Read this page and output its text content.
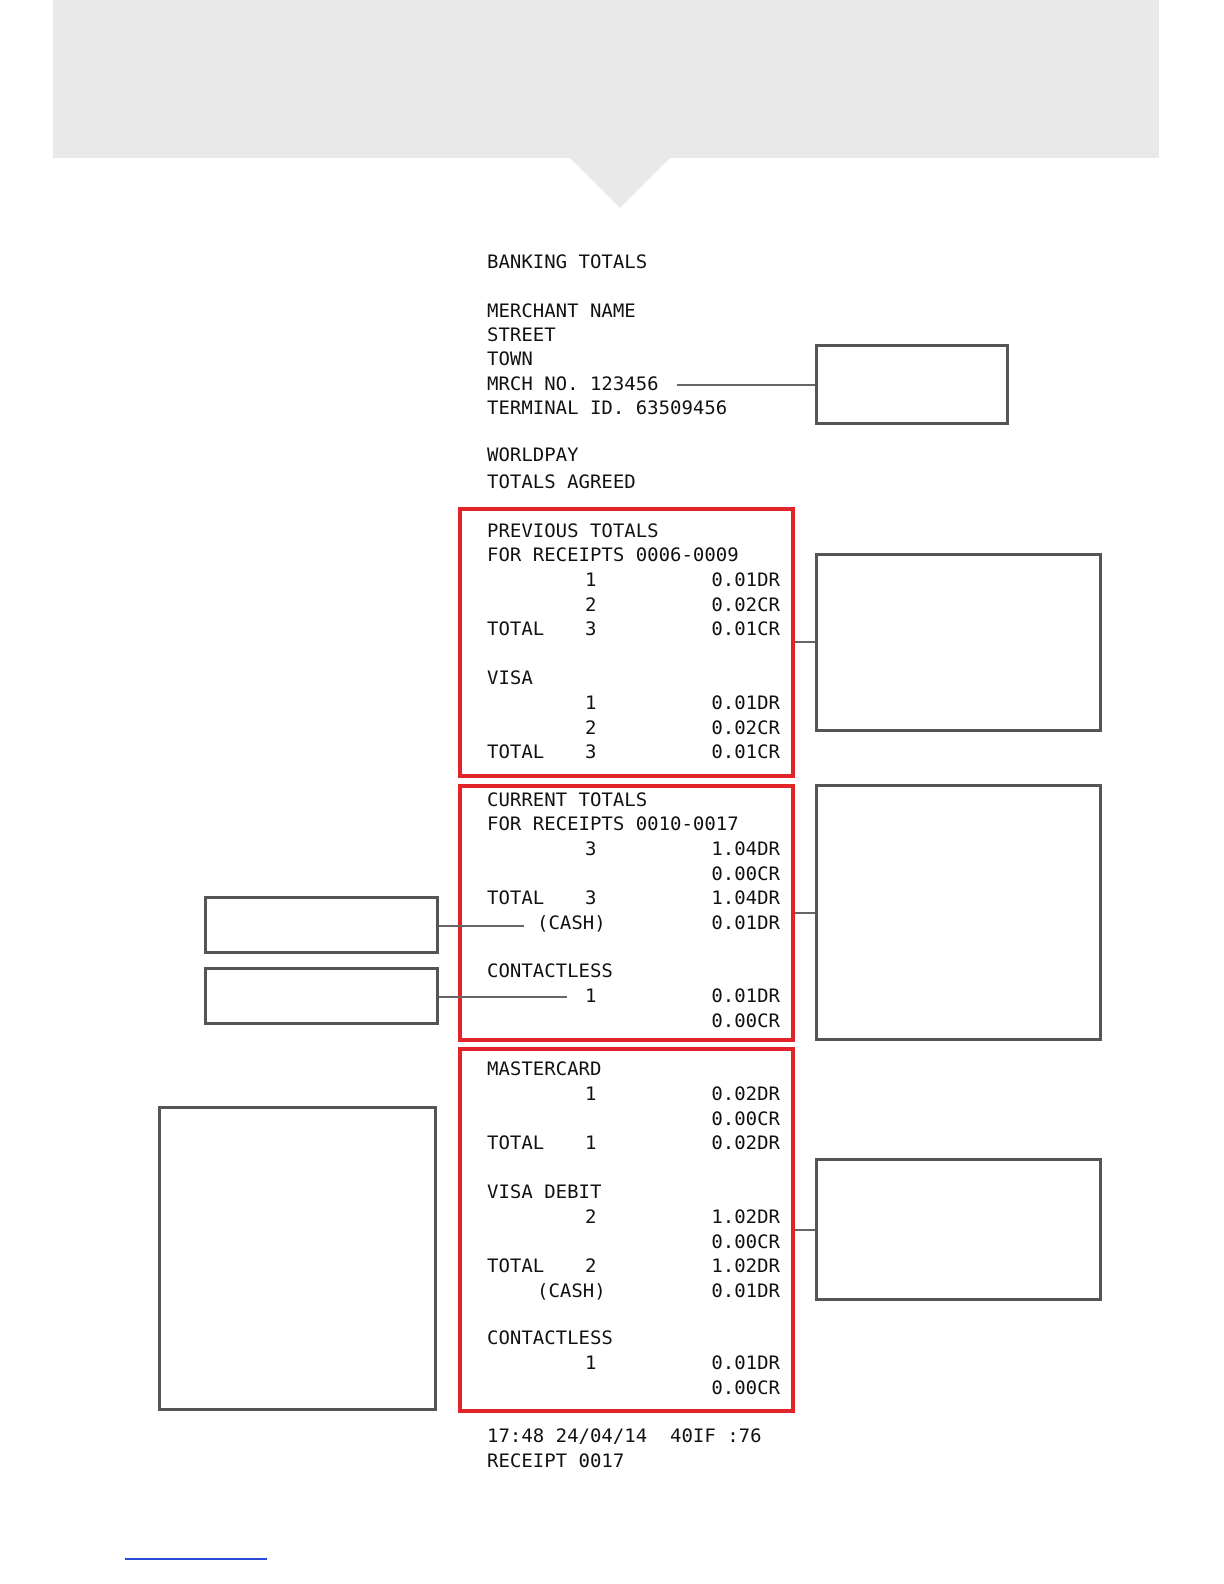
BANKING TOTALS

MERCHANT NAME

STREET

TOWN

MRCH NO. 123456

TERMINAL ID. 63509456

WORLDPAY

TOTALS AGREED

PREVIOUS TOTALS

FOR RECEIPTS 0006-0009

1	0.01DR
2	0.02CR
TOTAL 3	0.01CR

VISA

1	0.01DR
2	0.02CR
TOTAL 3	0.01CR

CURRENT TOTALS

FOR RECEIPTS 0010-0017

3	1.04DR
0.00CR
TOTAL 3	1.04DR
(CASH)	0.01DR

CONTACTLESS

1	0.01DR
0.00CR

MASTERCARD

1	0.02DR
0.00CR
TOTAL 1	0.02DR

VISA DEBIT

2	1.02DR
0.00CR
TOTAL 2	1.02DR
(CASH)	0.01DR

CONTACTLESS

1	0.01DR
0.00CR

17:48 24/04/14  40IF :76

RECEIPT 0017
